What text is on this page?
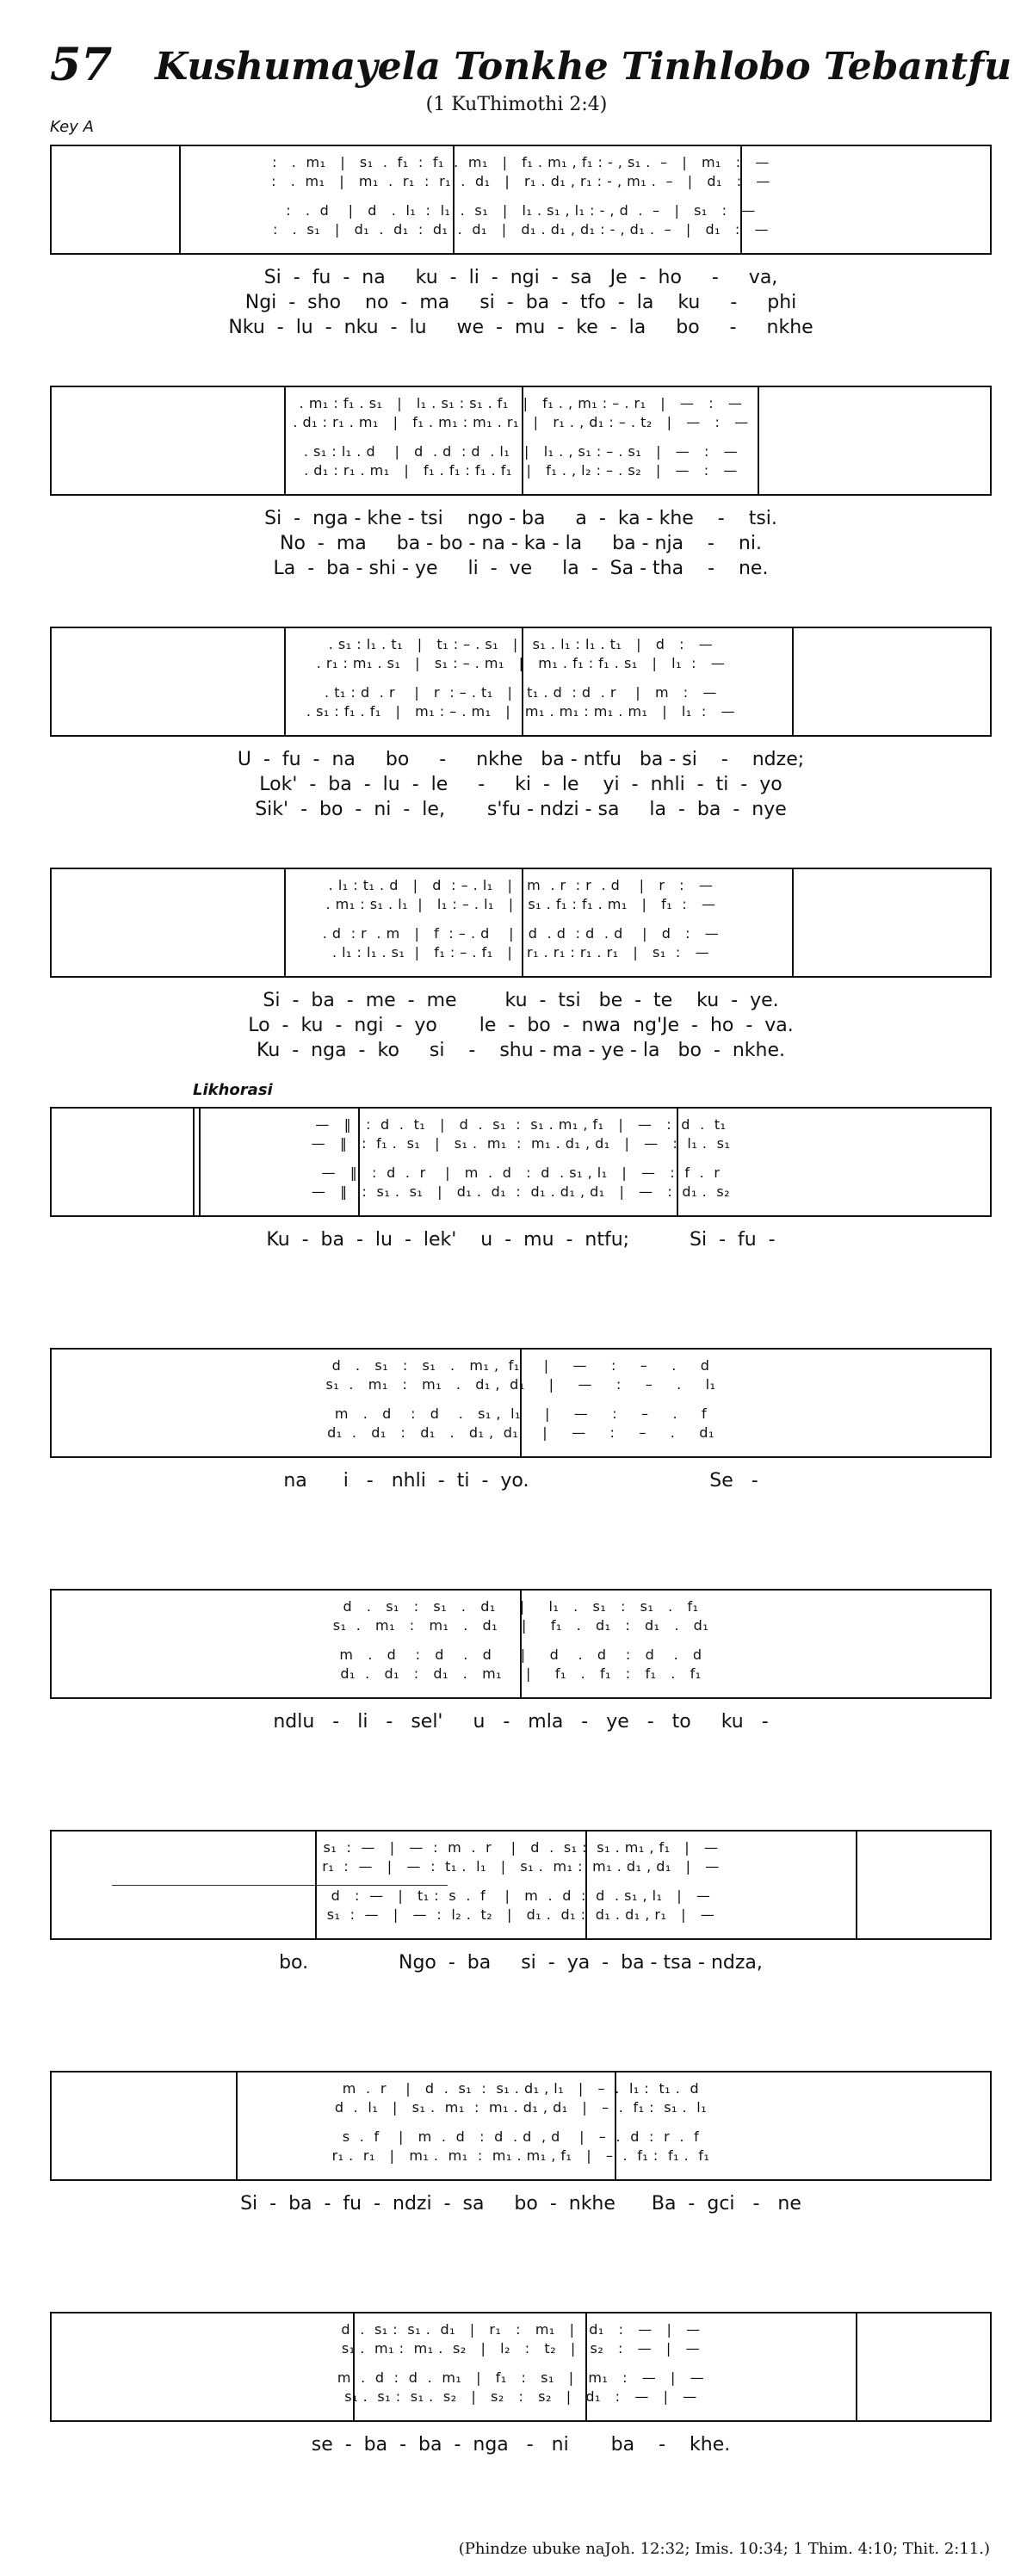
57 Kushumayela Tonkhe Tinhlobo Tebantfu
(1 KuThimothi 2:4)
Key A
Likhorasi
:   .  m₁   |   s₁  .  f₁  :  f₁  .  m₁   |   f₁ . m₁ , f₁ : - , s₁ .  –   |   m₁   :   —
:   .  m₁   |   m₁  .  r₁  :  r₁  .  d₁   |   r₁ . d₁ , r₁ : - , m₁ .  –   |   d₁   :   —
:   .  d    |   d   .  l₁  :  l₁  .  s₁   |   l₁ . s₁ , l₁ : - , d  .  –   |   s₁   :   —
:   .  s₁   |   d₁  .  d₁  :  d₁  .  d₁   |   d₁ . d₁ , d₁ : - , d₁ .  –   |   d₁   :   —
Si  -  fu  -  na     ku  -  li  -  ngi  -  sa   Je  -  ho     -     va,
Ngi  -  sho    no  -  ma     si  -  ba  -  tfo  -  la    ku     -     phi
Nku  -  lu  -  nku  -  lu     we  -  mu  -  ke  -  la     bo     -     nkhe
. m₁ : f₁ . s₁   |   l₁ . s₁ : s₁ . f₁   |   f₁ . , m₁ : – . r₁   |   —   :   —
. d₁ : r₁ . m₁   |   f₁ . m₁ : m₁ . r₁   |   r₁ . , d₁ : – . t₂   |   —   :   —
. s₁ : l₁ . d    |   d  . d  : d  . l₁   |   l₁ . , s₁ : – . s₁   |   —   :   —
. d₁ : r₁ . m₁   |   f₁ . f₁ : f₁ . f₁   |   f₁ . , l₂ : – . s₂   |   —   :   —
Si  -  nga - khe - tsi    ngo - ba     a  -  ka - khe    -    tsi.
No  -  ma     ba - bo - na - ka - la     ba - nja    -    ni.
La  -  ba - shi - ye     li  -  ve     la  -  Sa - tha    -    ne.
. s₁ : l₁ . t₁   |   t₁ : – . s₁   |   s₁ . l₁ : l₁ . t₁   |   d   :   —
. r₁ : m₁ . s₁   |   s₁ : – . m₁   |   m₁ . f₁ : f₁ . s₁   |   l₁  :   —
. t₁ : d  . r    |   r  : – . t₁   |   t₁ . d  : d  . r    |   m   :   —
. s₁ : f₁ . f₁   |   m₁ : – . m₁   |   m₁ . m₁ : m₁ . m₁   |   l₁  :   —
U  -  fu  -  na     bo     -     nkhe   ba - ntfu   ba - si    -    ndze;
Lok'  -  ba  -  lu  -  le     -     ki  -  le    yi  -  nhli  -  ti  -  yo
Sik'  -  bo  -  ni  -  le,       s'fu - ndzi - sa     la  -  ba  -  nye
. l₁ : t₁ . d   |   d  : – . l₁   |   m  . r  : r  . d    |   r   :   —
. m₁ : s₁ . l₁  |   l₁ : – . l₁   |   s₁ . f₁ : f₁ . m₁   |   f₁  :   —
. d  : r  . m   |   f  : – . d    |   d  . d  : d  . d    |   d   :   —
. l₁ : l₁ . s₁  |   f₁ : – . f₁   |   r₁ . r₁ : r₁ . r₁   |   s₁  :   —
Si  -  ba  -  me  -  me        ku  -  tsi   be  -  te    ku  -  ye.
Lo  -  ku  -  ngi  -  yo       le  -  bo  -  nwa  ng'Je  -  ho  -  va.
Ku  -  nga  -  ko     si    -    shu - ma - ye - la   bo  -  nkhe.
—   ‖   :  d  .  t₁   |   d  .  s₁  :  s₁ . m₁ , f₁   |   —   :  d  .  t₁
—   ‖   :  f₁ .  s₁   |   s₁ .  m₁  :  m₁ . d₁ , d₁   |   —   :  l₁ .  s₁
—   ‖   :  d  .  r    |   m  .  d   :  d  . s₁ , l₁   |   —   :  f  .  r
—   ‖   :  s₁ .  s₁   |   d₁ .  d₁  :  d₁ . d₁ , d₁   |   —   :  d₁ .  s₂
Ku  -  ba  -  lu  -  lek'    u  -  mu  -  ntfu;          Si  -  fu  -
d   .   s₁   :   s₁   .   m₁ ,  f₁     |     —     :     –     .     d
s₁  .   m₁   :   m₁   .   d₁ ,  d₁     |     —     :     –     .     l₁
m   .   d    :   d    .   s₁ ,  l₁     |     —     :     –     .     f
d₁  .   d₁   :   d₁   .   d₁ ,  d₁     |     —     :     –     .     d₁
na      i   -   nhli  -  ti  -  yo.                              Se   -
d   .   s₁   :   s₁   .   d₁     |     l₁   .   s₁   :   s₁   .   f₁
s₁  .   m₁   :   m₁   .   d₁     |     f₁   .   d₁   :   d₁   .   d₁
m   .   d    :   d    .   d      |     d    .   d    :   d    .   d
d₁  .   d₁   :   d₁   .   m₁     |     f₁   .   f₁   :   f₁   .   f₁
ndlu   -   li   -   sel'     u   -   mla   -   ye   -   to     ku   -
s₁  :  —   |   —  :  m  .  r    |   d  .  s₁ :  s₁ . m₁ , f₁   |   —
r₁  :  —   |   —  :  t₁ .  l₁   |   s₁ .  m₁ :  m₁ . d₁ , d₁   |   —
d   :  —   |   t₁ :  s  .  f    |   m  .  d  :  d  . s₁ , l₁   |   —
s₁  :  —   |   —  :  l₂ .  t₂   |   d₁ .  d₁ :  d₁ . d₁ , r₁   |   —
bo.               Ngo  -  ba     si  -  ya  -  ba - tsa - ndza,
m  .  r    |   d  .  s₁  :  s₁ . d₁ , l₁   |   –  .  l₁ :  t₁ .  d
d  .  l₁   |   s₁ .  m₁  :  m₁ . d₁ , d₁   |   –  .  f₁ :  s₁ .  l₁
s  .  f    |   m  .  d   :  d  . d  , d    |   –  .  d  :  r  .  f
r₁ .  r₁   |   m₁ .  m₁  :  m₁ . m₁ , f₁   |   –  .  f₁ :  f₁ .  f₁
Si  -  ba  -  fu  -  ndzi  -  sa     bo  -  nkhe      Ba  -  gci   -   ne
d  .  s₁ :  s₁ .  d₁   |   r₁   :   m₁   |   d₁   :   —   |   —
s₁ .  m₁ :  m₁ .  s₂   |   l₂   :   t₂   |   s₂   :   —   |   —
m  .  d  :  d  .  m₁   |   f₁   :   s₁   |   m₁   :   —   |   —
s₁ .  s₁ :  s₁ .  s₂   |   s₂   :   s₂   |   d₁   :   —   |   —
se  -  ba  -  ba  -  nga   -   ni       ba    -    khe.
(Phindze ubuke naJoh. 12:32; Imis. 10:34; 1 Thim. 4:10; Thit. 2:11.)
